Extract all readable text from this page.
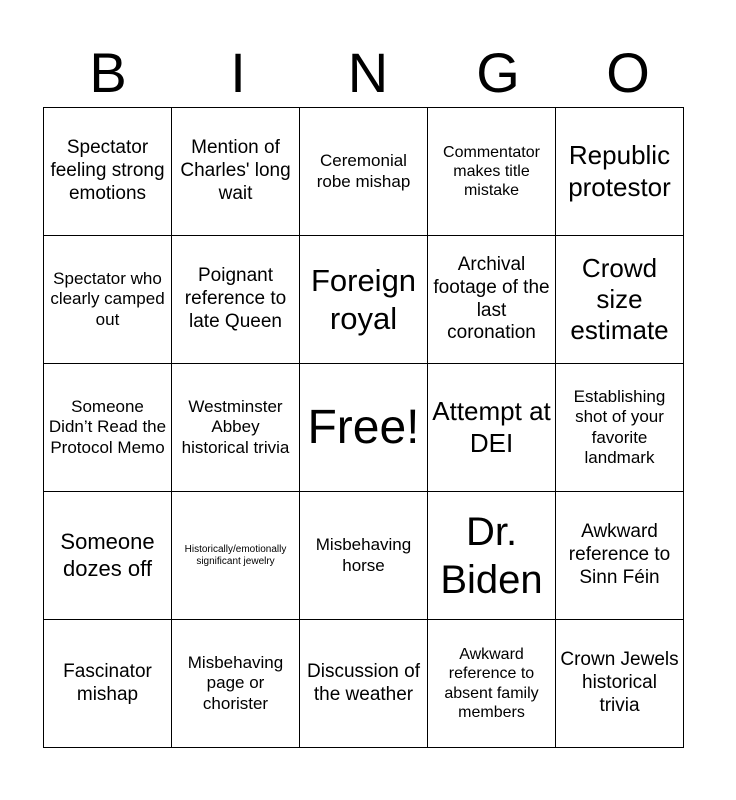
B	I	N	G	O
Spectator feeling strong emotions	Mention of Charles' long wait	Ceremonial robe mishap	Commentator makes title mistake	Republic protestor
Spectator who clearly camped out	Poignant reference to late Queen	Foreign royal	Archival footage of the last coronation	Crowd size estimate
Someone Didn’t Read the Protocol Memo	Westminster Abbey historical trivia	Free!	Attempt at DEI	Establishing shot of your favorite landmark
Someone dozes off	Historically/emotionally significant jewelry	Misbehaving horse	Dr. Biden	Awkward reference to Sinn Féin
Fascinator mishap	Misbehaving page or chorister	Discussion of the weather	Awkward reference to absent family members	Crown Jewels historical trivia
